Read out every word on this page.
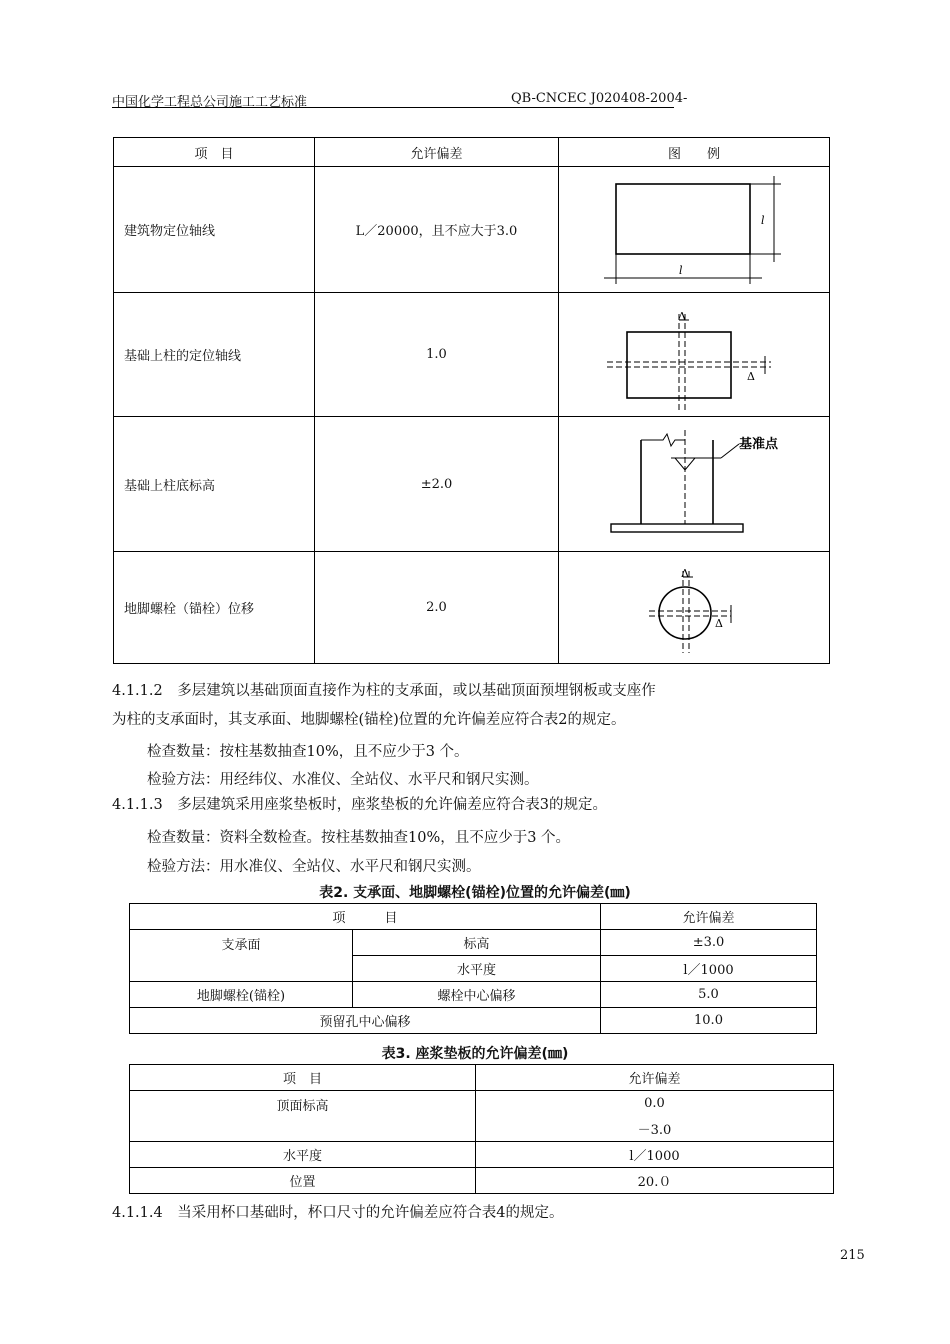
中国化学工程总公司施工工艺标准	QB-CNCEC J020408-2004-
项　目	允许偏差	图　　例
建筑物定位轴线	L／20000，且不应大于3.0	l
l

基础上柱的定位轴线	1.0	Δ
Δ

基础上柱底标高	±2.0	基准点

地脚螺栓（锚栓）位移	2.0	Δ
Δ
4.1.1.2　多层建筑以基础顶面直接作为柱的支承面，或以基础顶面预埋钢板或支座作
为柱的支承面时，其支承面、地脚螺栓(锚栓)位置的允许偏差应符合表2的规定。
检查数量：按柱基数抽查10%，且不应少于3 个。
检验方法：用经纬仪、水准仪、全站仪、水平尺和钢尺实测。
4.1.1.3　多层建筑采用座浆垫板时，座浆垫板的允许偏差应符合表3的规定。
检查数量：资料全数检查。按柱基数抽查10%，且不应少于3 个。
检验方法：用水准仪、全站仪、水平尺和钢尺实测。
表2. 支承面、地脚螺栓(锚栓)位置的允许偏差(㎜)
项　　　目		允许偏差
支承面	标高	±3.0
	水平度	l／1000
地脚螺栓(锚栓)	螺栓中心偏移	5.0
预留孔中心偏移		10.0
表3. 座浆垫板的允许偏差(㎜)
项　目	允许偏差
顶面标高	0.0
	－3.0
水平度	l／1000
位置	20.０
4.1.1.4　当采用杯口基础时，杯口尺寸的允许偏差应符合表4的规定。
215
